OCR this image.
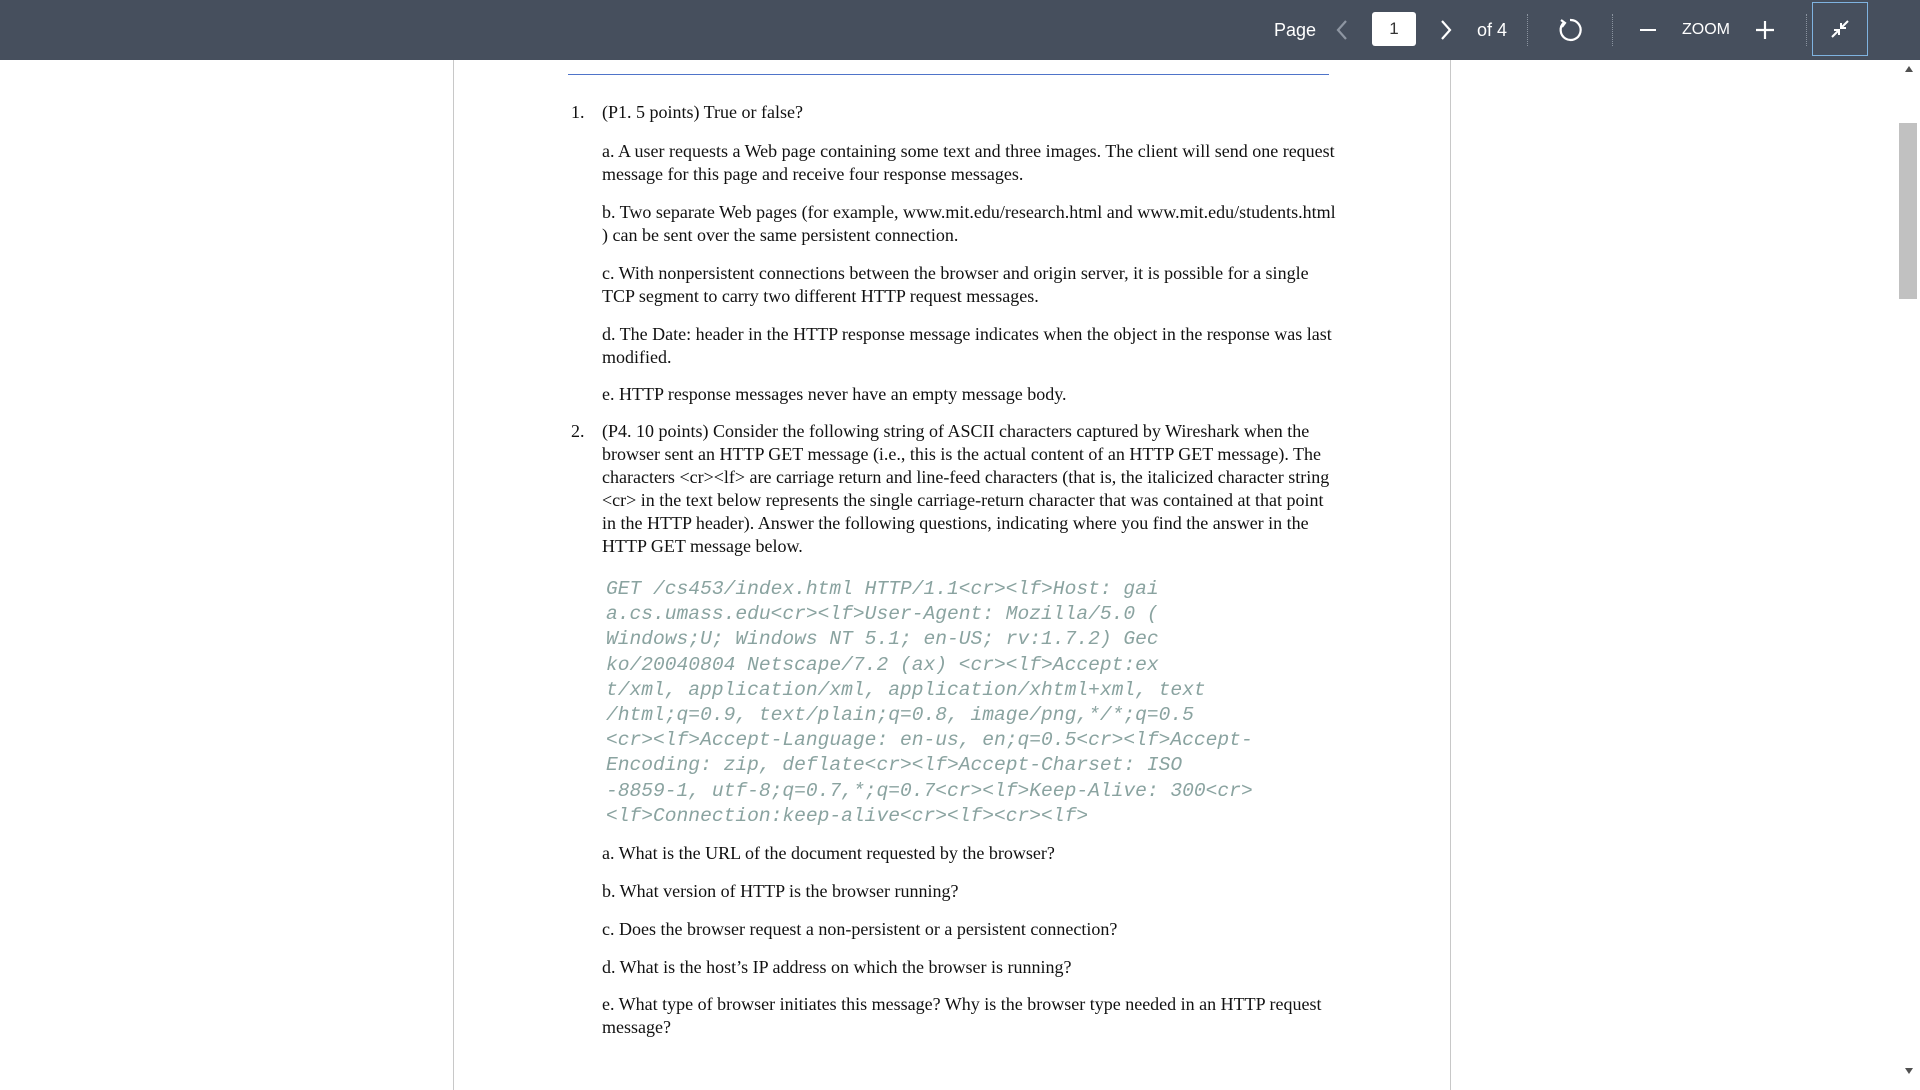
Page	1	of 4	ZOOM
1. (P1. 5 points) True or false?
a. A user requests a Web page containing some text and three images. The client will send one request message for this page and receive four response messages.
b. Two separate Web pages (for example, www.mit.edu/research.html and www.mit.edu/students.html ) can be sent over the same persistent connection.
c. With nonpersistent connections between the browser and origin server, it is possible for a single TCP segment to carry two different HTTP request messages.
d. The Date: header in the HTTP response message indicates when the object in the response was last modified.
e. HTTP response messages never have an empty message body.
2. (P4. 10 points) Consider the following string of ASCII characters captured by Wireshark when the browser sent an HTTP GET message (i.e., this is the actual content of an HTTP GET message). The characters <cr><lf> are carriage return and line-feed characters (that is, the italicized character string <cr> in the text below represents the single carriage-return character that was contained at that point in the HTTP header). Answer the following questions, indicating where you find the answer in the HTTP GET message below.
GET /cs453/index.html HTTP/1.1<cr><lf>Host: gai
a.cs.umass.edu<cr><lf>User-Agent: Mozilla/5.0 (
Windows;U; Windows NT 5.1; en-US; rv:1.7.2) Gec
ko/20040804 Netscape/7.2 (ax) <cr><lf>Accept:ex
t/xml, application/xml, application/xhtml+xml, text
/html;q=0.9, text/plain;q=0.8, image/png,*/*;q=0.5
<cr><lf>Accept-Language: en-us, en;q=0.5<cr><lf>Accept-
Encoding: zip, deflate<cr><lf>Accept-Charset: ISO
-8859-1, utf-8;q=0.7,*;q=0.7<cr><lf>Keep-Alive: 300<cr>
<lf>Connection:keep-alive<cr><lf><cr><lf>
a. What is the URL of the document requested by the browser?
b. What version of HTTP is the browser running?
c. Does the browser request a non-persistent or a persistent connection?
d. What is the host’s IP address on which the browser is running?
e. What type of browser initiates this message? Why is the browser type needed in an HTTP request message?
